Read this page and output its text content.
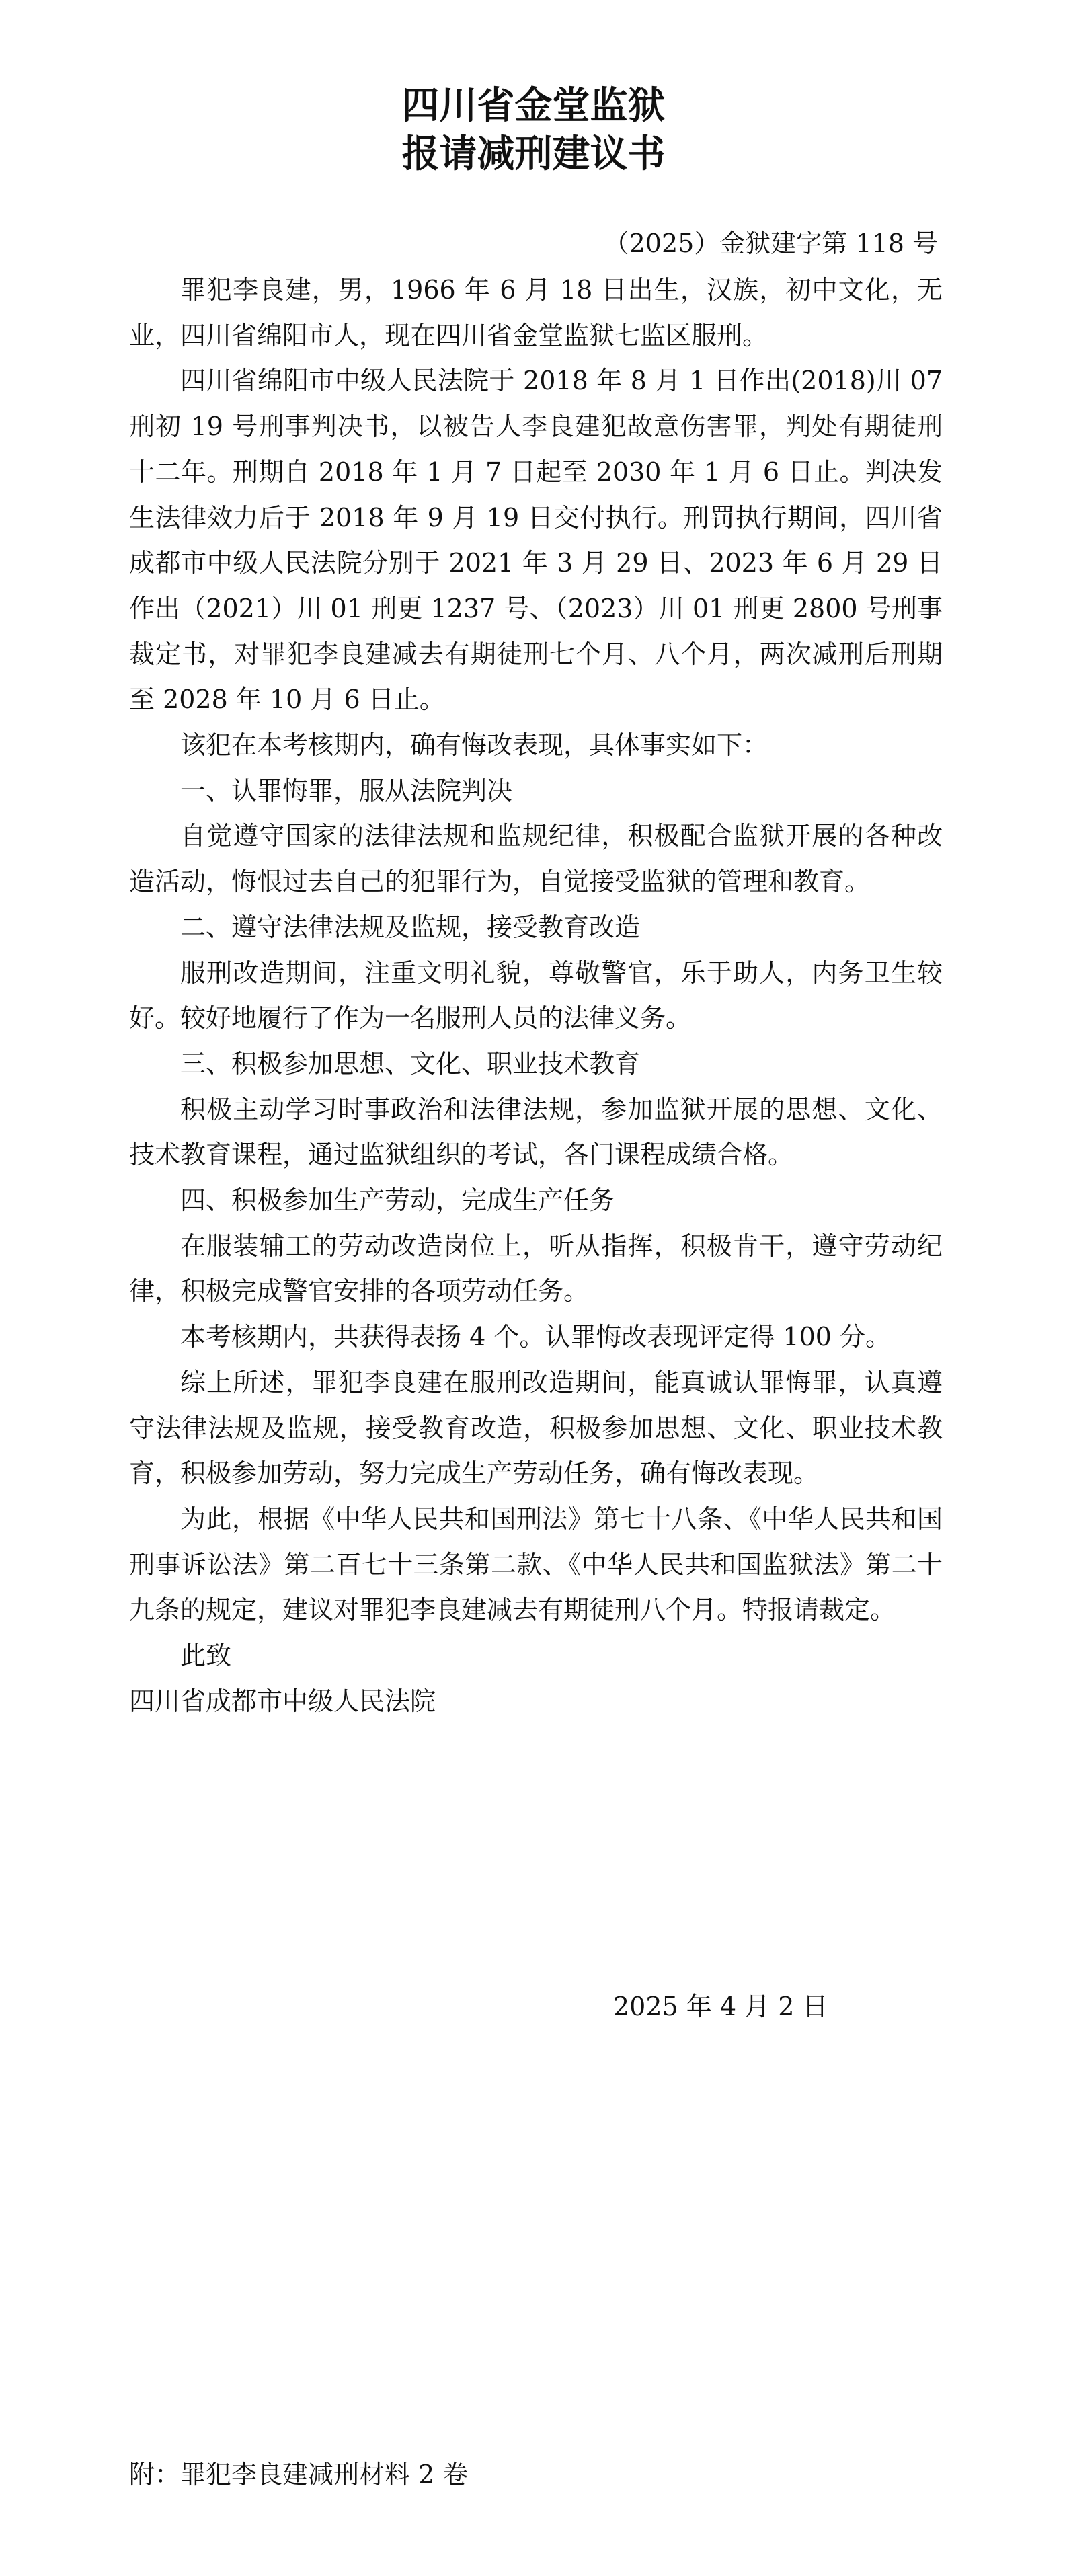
四川省金堂监狱
报请减刑建议书
（2025）金狱建字第 118 号

罪犯李良建，男，1966 年 6 月 18 日出生，汉族，初中文化，无业，四川省绵阳市人，现在四川省金堂监狱七监区服刑。

四川省绵阳市中级人民法院于 2018 年 8 月 1 日作出(2018)川 07 刑初 19 号刑事判决书，以被告人李良建犯故意伤害罪，判处有期徒刑十二年。刑期自 2018 年 1 月 7 日起至 2030 年 1 月 6 日止。判决发生法律效力后于 2018 年 9 月 19 日交付执行。刑罚执行期间，四川省成都市中级人民法院分别于 2021 年 3 月 29 日、2023 年 6 月 29 日作出（2021）川 01 刑更 1237 号、（2023）川 01 刑更 2800 号刑事裁定书，对罪犯李良建减去有期徒刑七个月、八个月，两次减刑后刑期至 2028 年 10 月 6 日止。

该犯在本考核期内，确有悔改表现，具体事实如下：

一、认罪悔罪，服从法院判决

自觉遵守国家的法律法规和监规纪律，积极配合监狱开展的各种改造活动，悔恨过去自己的犯罪行为，自觉接受监狱的管理和教育。

二、遵守法律法规及监规，接受教育改造

服刑改造期间，注重文明礼貌，尊敬警官，乐于助人，内务卫生较好。较好地履行了作为一名服刑人员的法律义务。

三、积极参加思想、文化、职业技术教育

积极主动学习时事政治和法律法规，参加监狱开展的思想、文化、技术教育课程，通过监狱组织的考试，各门课程成绩合格。

四、积极参加生产劳动，完成生产任务

在服装辅工的劳动改造岗位上，听从指挥，积极肯干，遵守劳动纪律，积极完成警官安排的各项劳动任务。

本考核期内，共获得表扬 4 个。认罪悔改表现评定得 100 分。

综上所述，罪犯李良建在服刑改造期间，能真诚认罪悔罪，认真遵守法律法规及监规，接受教育改造，积极参加思想、文化、职业技术教育，积极参加劳动，努力完成生产劳动任务，确有悔改表现。

为此，根据《中华人民共和国刑法》第七十八条、《中华人民共和国刑事诉讼法》第二百七十三条第二款、《中华人民共和国监狱法》第二十九条的规定，建议对罪犯李良建减去有期徒刑八个月。特报请裁定。

此致

四川省成都市中级人民法院

2025 年 4 月 2 日
附：罪犯李良建减刑材料 2 卷
